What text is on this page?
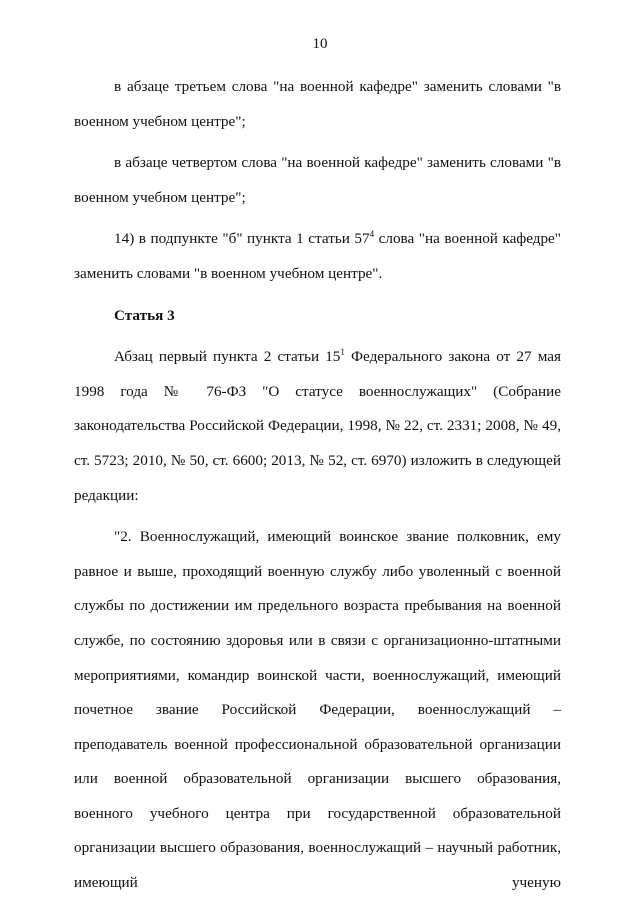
10

в абзаце третьем слова "на военной кафедре" заменить словами "в военном учебном центре";

в абзаце четвертом слова "на военной кафедре" заменить словами "в военном учебном центре";

14) в подпункте "б" пункта 1 статьи $57^4$ слова "на военной кафедре" заменить словами "в военном учебном центре".

Статья 3

Абзац первый пункта 2 статьи $15^1$ Федерального закона от 27 мая 1998 года № 76-ФЗ "О статусе военнослужащих" (Собрание законодательства Российской Федерации, 1998, № 22, ст. 2331; 2008, № 49, ст. 5723; 2010, № 50, ст. 6600; 2013, № 52, ст. 6970) изложить в следующей редакции:

"2. Военнослужащий, имеющий воинское звание полковник, ему равное и выше, проходящий военную службу либо уволенный с военной службы по достижении им предельного возраста пребывания на военной службе, по состоянию здоровья или в связи с организационно-штатными мероприятиями, командир воинской части, военнослужащий, имеющий почетное звание Российской Федерации, военнослужащий – преподаватель военной профессиональной образовательной организации или военной образовательной организации высшего образования, военного учебного центра при государственной образовательной организации высшего образования, военнослужащий – научный работник, имеющий ученую
